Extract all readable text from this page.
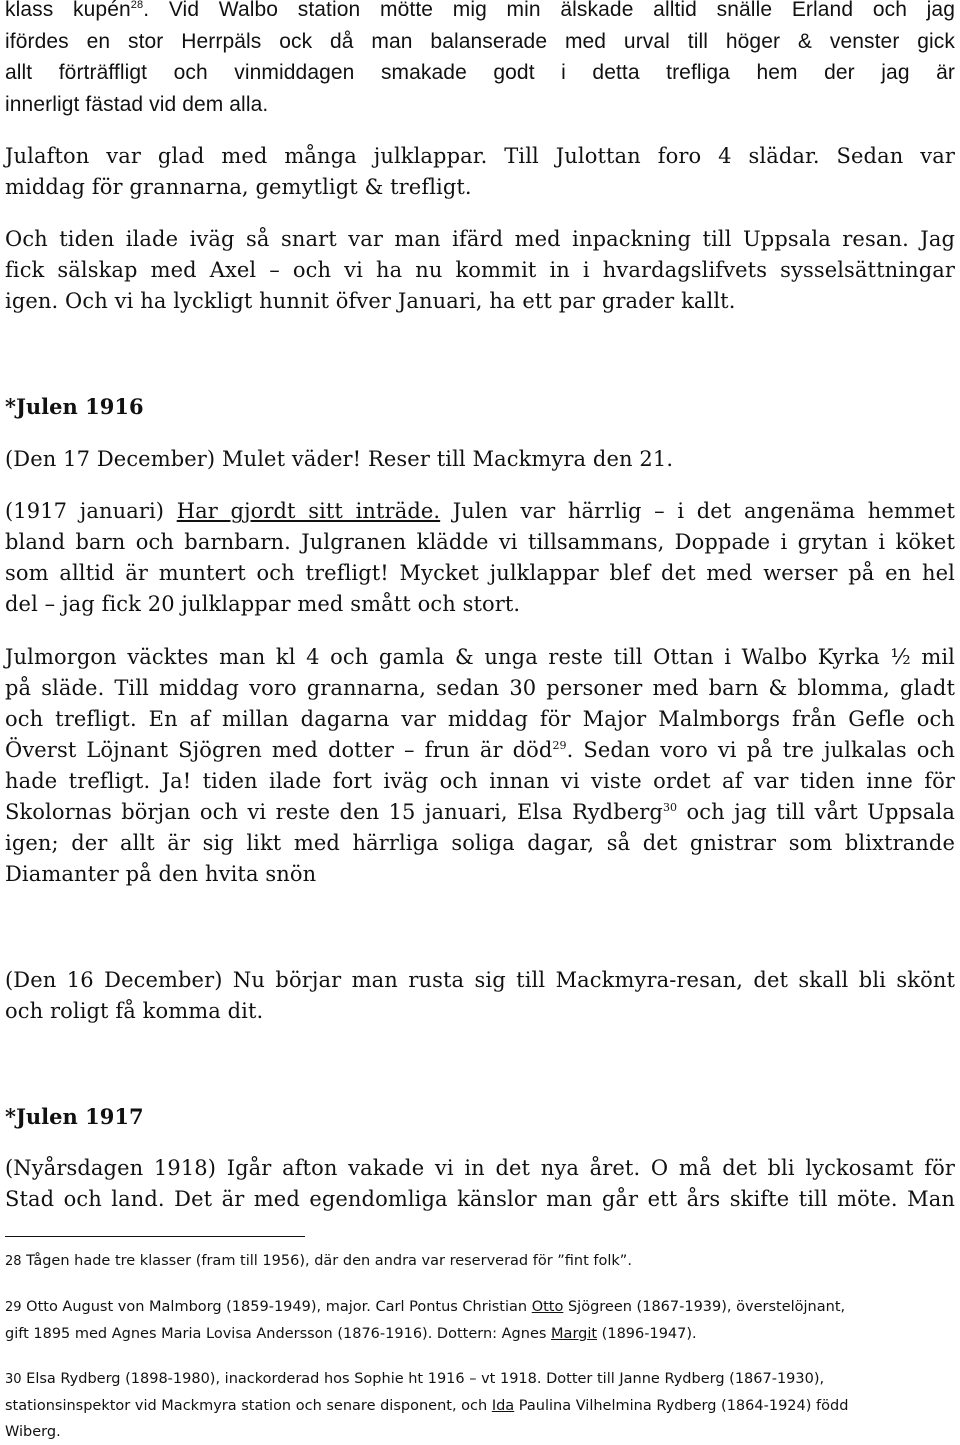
klass kupén$^{28}$. Vid Walbo station mötte mig min älskade alltid snälle Erland och jag
ifördes en stor Herrpäls ock då man balanserade med urval till höger & venster gick
allt förträffligt och vinmiddagen smakade godt i detta trefliga hem der jag är
innerligt fästad vid dem alla.

Julafton var glad med många julklappar. Till Julottan foro 4 slädar. Sedan var
middag för grannarna, gemytligt & trefligt.

Och tiden ilade iväg så snart var man ifärd med inpackning till Uppsala resan. Jag
fick sälskap med Axel – och vi ha nu kommit in i hvardagslifvets sysselsättningar
igen. Och vi ha lyckligt hunnit öfver Januari, ha ett par grader kallt.

*Julen 1916

(Den 17 December) Mulet väder! Reser till Mackmyra den 21.

(1917 januari) Har gjordt sitt inträde. Julen var härrlig – i det angenäma hemmet
bland barn och barnbarn. Julgranen klädde vi tillsammans, Doppade i grytan i köket
som alltid är muntert och trefligt! Mycket julklappar blef det med werser på en hel
del – jag fick 20 julklappar med smått och stort.

Julmorgon väcktes man kl 4 och gamla & unga reste till Ottan i Walbo Kyrka ½ mil
på släde. Till middag voro grannarna, sedan 30 personer med barn & blomma, gladt
och trefligt. En af millan dagarna var middag för Major Malmborgs från Gefle och
Överst Löjnant Sjögren med dotter – frun är död$^{29}$. Sedan voro vi på tre julkalas och
hade trefligt. Ja! tiden ilade fort iväg och innan vi viste ordet af var tiden inne för
Skolornas början och vi reste den 15 januari, Elsa Rydberg$^{30}$ och jag till vårt Uppsala
igen; der allt är sig likt med härrliga soliga dagar, så det gnistrar som blixtrande
Diamanter på den hvita snön

(Den 16 December) Nu börjar man rusta sig till Mackmyra-resan, det skall bli skönt
och roligt få komma dit.

*Julen 1917

(Nyårsdagen 1918) Igår afton vakade vi in det nya året. O må det bli lyckosamt för
Stad och land. Det är med egendomliga känslor man går ett års skifte till möte. Man

28 Tågen hade tre klasser (fram till 1956), där den andra var reserverad för ”fint folk”.

29 Otto August von Malmborg (1859-1949), major. Carl Pontus Christian Otto Sjögreen (1867-1939), överstelöjnant,
gift 1895 med Agnes Maria Lovisa Andersson (1876-1916). Dottern: Agnes Margit (1896-1947).

30 Elsa Rydberg (1898-1980), inackorderad hos Sophie ht 1916 – vt 1918. Dotter till Janne Rydberg (1867-1930),
stationsinspektor vid Mackmyra station och senare disponent, och Ida Paulina Vilhelmina Rydberg (1864-1924) född
Wiberg.
